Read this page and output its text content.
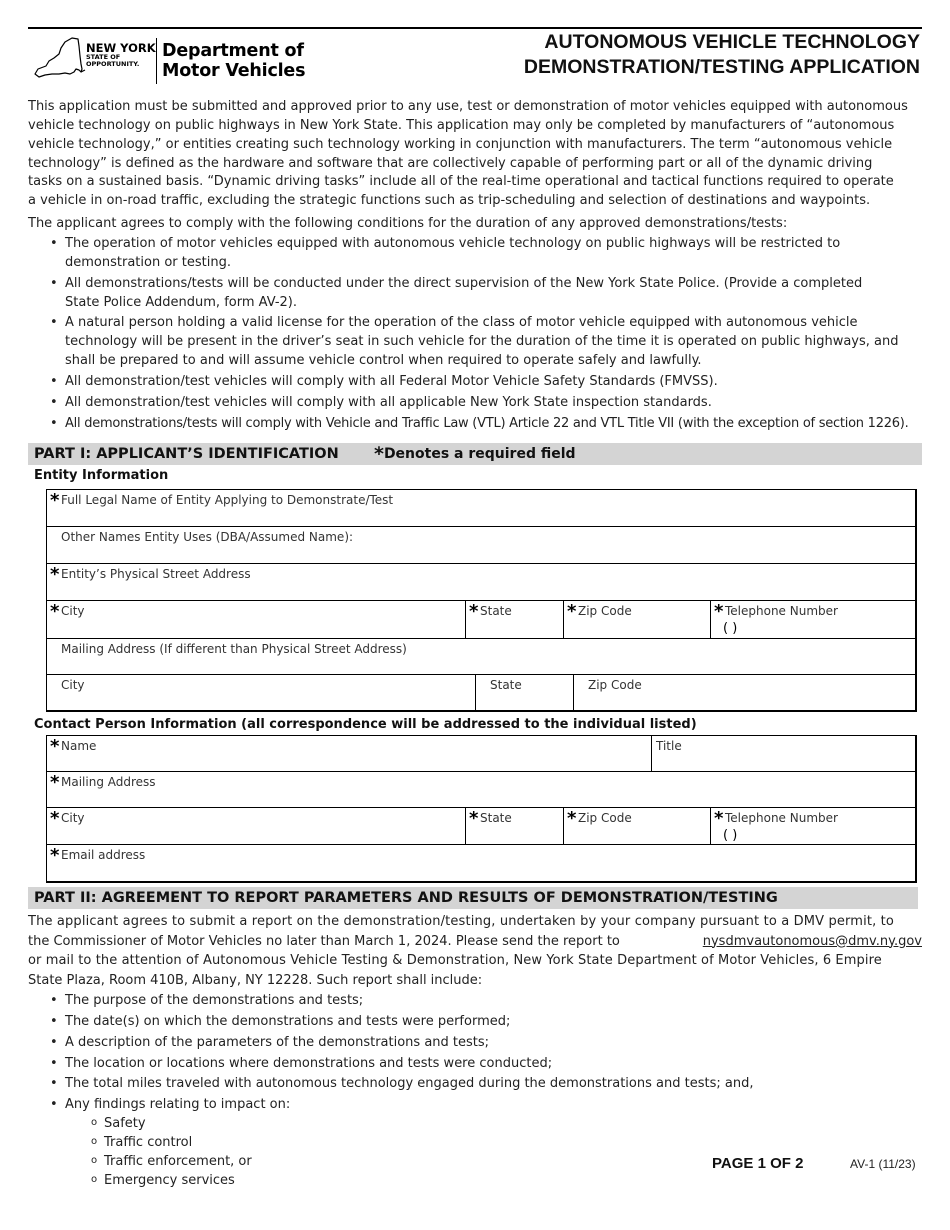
NEW YORK
STATE OF
OPPORTUNITY.
Department of
Motor Vehicles
AUTONOMOUS VEHICLE TECHNOLOGY
DEMONSTRATION/TESTING APPLICATION
This application must be submitted and approved prior to any use, test or demonstration of motor vehicles equipped with autonomous
vehicle technology on public highways in New York State. This application may only be completed by manufacturers of “autonomous
vehicle technology,” or entities creating such technology working in conjunction with manufacturers. The term “autonomous vehicle
technology” is defined as the hardware and software that are collectively capable of performing part or all of the dynamic driving
tasks on a sustained basis. “Dynamic driving tasks” include all of the real-time operational and tactical functions required to operate
a vehicle in on-road traffic, excluding the strategic functions such as trip-scheduling and selection of destinations and waypoints.
The applicant agrees to comply with the following conditions for the duration of any approved demonstrations/tests:
• The operation of motor vehicles equipped with autonomous vehicle technology on public highways will be restricted to
demonstration or testing.
• All demonstrations/tests will be conducted under the direct supervision of the New York State Police. (Provide a completed
State Police Addendum, form AV-2).
• A natural person holding a valid license for the operation of the class of motor vehicle equipped with autonomous vehicle
technology will be present in the driver’s seat in such vehicle for the duration of the time it is operated on public highways, and
shall be prepared to and will assume vehicle control when required to operate safely and lawfully.
• All demonstration/test vehicles will comply with all Federal Motor Vehicle Safety Standards (FMVSS).
• All demonstration/test vehicles will comply with all applicable New York State inspection standards.
• All demonstrations/tests will comply with Vehicle and Traffic Law (VTL) Article 22 and VTL Title VII (with the exception of section 1226).
PART I: APPLICANT’S IDENTIFICATION *Denotes a required field
Entity Information
* Full Legal Name of Entity Applying to Demonstrate/Test
Other Names Entity Uses (DBA/Assumed Name):
* Entity’s Physical Street Address
* City	* State	* Zip Code	* Telephone Number
( )
Mailing Address (If different than Physical Street Address)
City	State	Zip Code
Contact Person Information (all correspondence will be addressed to the individual listed)
* Name	Title
* Mailing Address
* City	* State	* Zip Code	* Telephone Number
( )
* Email address
PART II: AGREEMENT TO REPORT PARAMETERS AND RESULTS OF DEMONSTRATION/TESTING
The applicant agrees to submit a report on the demonstration/testing, undertaken by your company pursuant to a DMV permit, to
the Commissioner of Motor Vehicles no later than March 1, 2024. Please send the report to	nysdmvautonomous@dmv.ny.gov
or mail to the attention of Autonomous Vehicle Testing & Demonstration, New York State Department of Motor Vehicles, 6 Empire
State Plaza, Room 410B, Albany, NY 12228. Such report shall include:
• The purpose of the demonstrations and tests;
• The date(s) on which the demonstrations and tests were performed;
• A description of the parameters of the demonstrations and tests;
• The location or locations where demonstrations and tests were conducted;
• The total miles traveled with autonomous technology engaged during the demonstrations and tests; and,
• Any findings relating to impact on:
o Safety
o Traffic control
o Traffic enforcement, or
o Emergency services
PAGE 1 OF 2	AV-1 (11/23)
